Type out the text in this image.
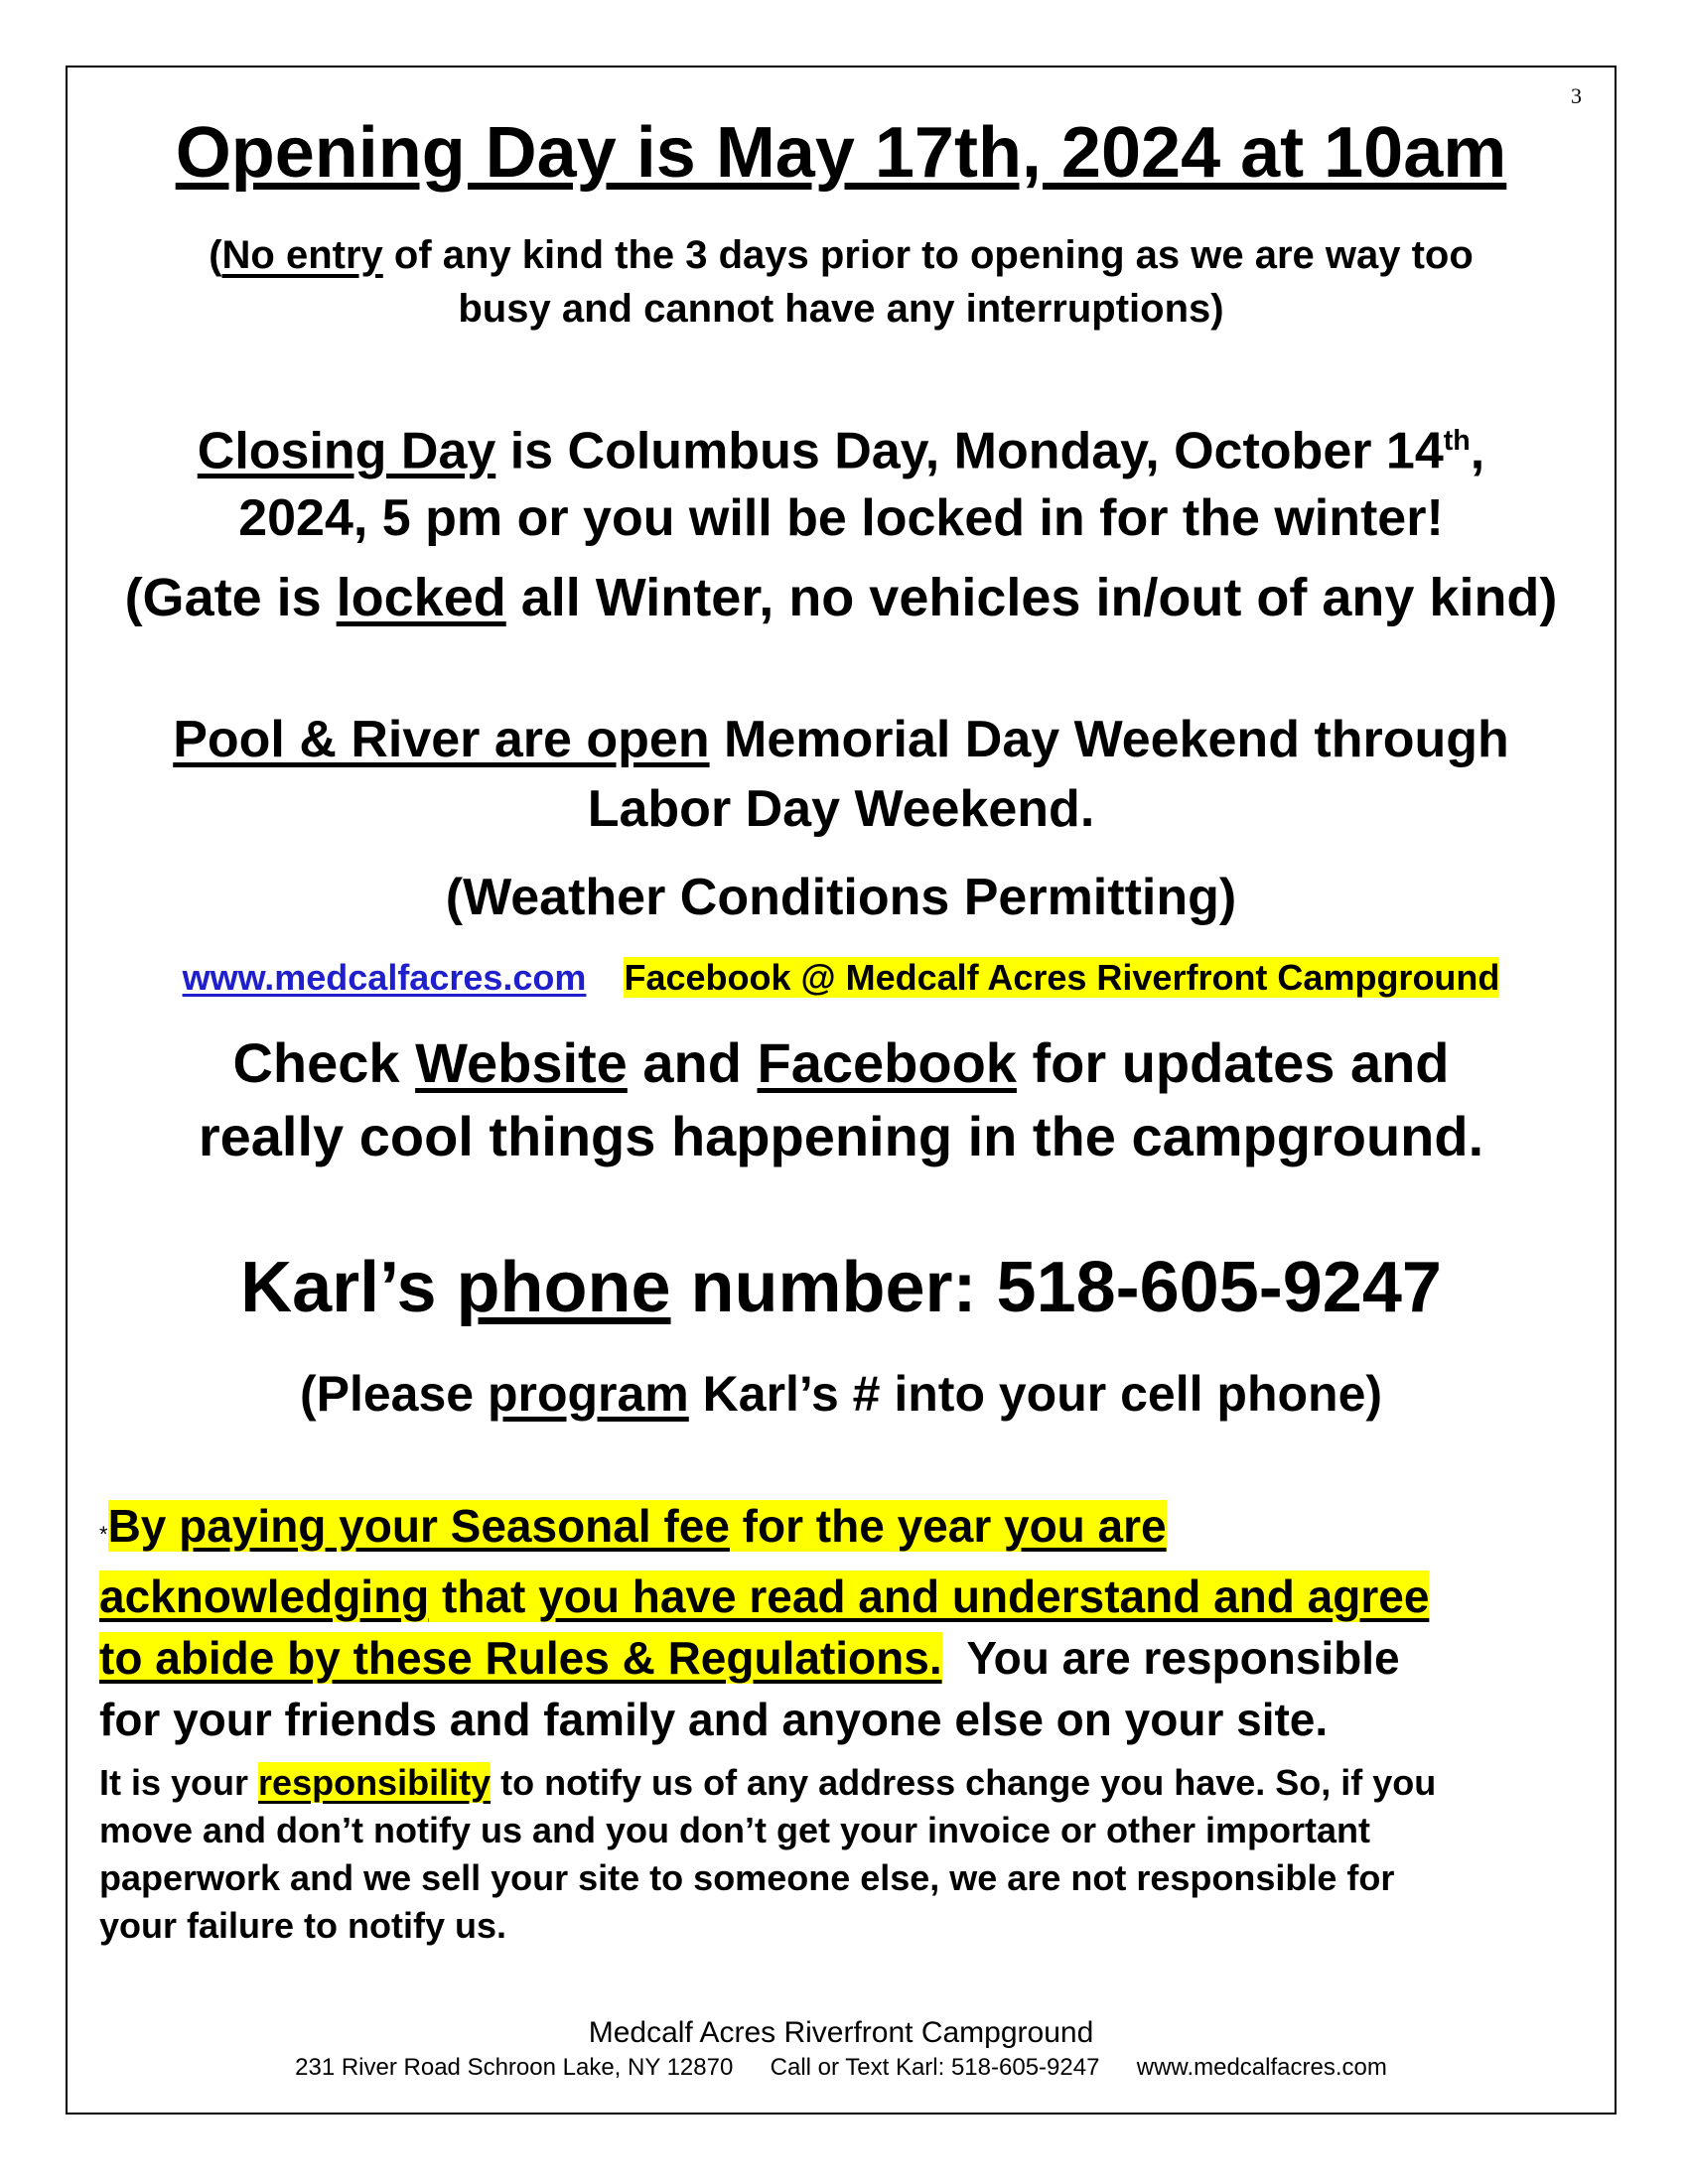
3

Opening Day is May 17th, 2024 at 10am

(No entry of any kind the 3 days prior to opening as we are way too
busy and cannot have any interruptions)

Closing Day is Columbus Day, Monday, October 14th,
2024, 5 pm or you will be locked in for the winter!

(Gate is locked all Winter, no vehicles in/out of any kind)

Pool & River are open Memorial Day Weekend through
Labor Day Weekend.

(Weather Conditions Permitting)

www.medcalfacres.com Facebook @ Medcalf Acres Riverfront Campground

Check Website and Facebook for updates and
really cool things happening in the campground.

Karl’s phone number: 518-605-9247

(Please program Karl’s # into your cell phone)

*By paying your Seasonal fee for the year you are
acknowledging that you have read and understand and agree
to abide by these Rules & Regulations.  You are responsible
for your friends and family and anyone else on your site.

It is your responsibility to notify us of any address change you have. So, if you
move and don’t notify us and you don’t get your invoice or other important
paperwork and we sell your site to someone else, we are not responsible for
your failure to notify us.

Medcalf Acres Riverfront Campground

231 River Road Schroon Lake, NY 12870 Call or Text Karl: 518-605-9247 www.medcalfacres.com
